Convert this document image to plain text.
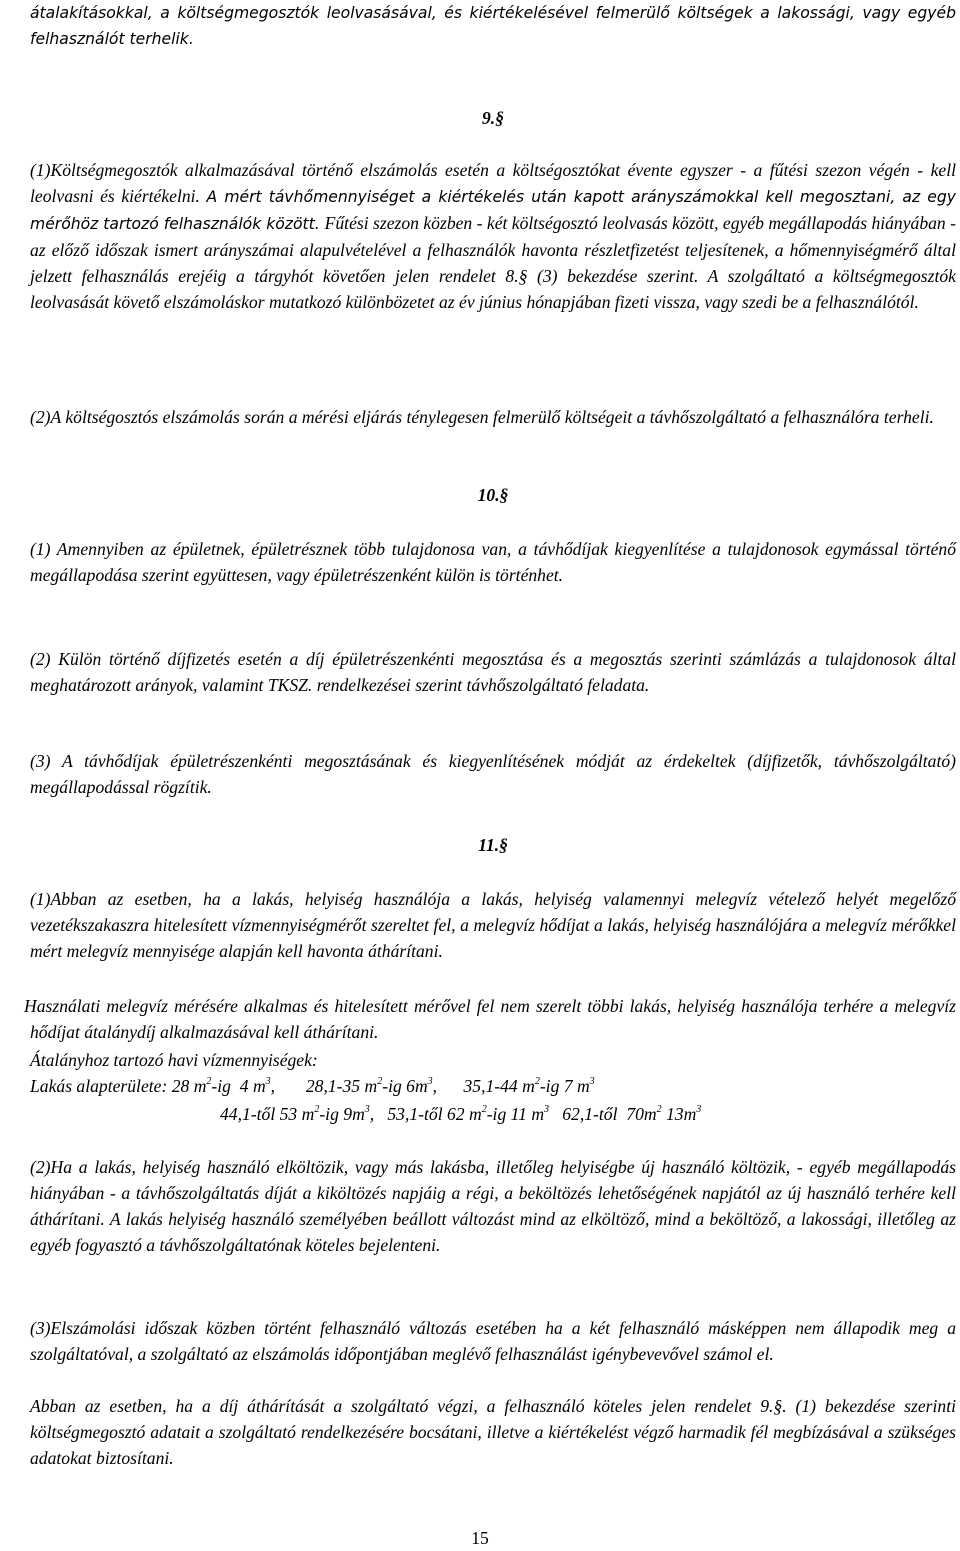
átalakításokkal, a költségmegosztók leolvasásával, és kiértékelésével felmerülő költségek a lakossági, vagy egyéb felhasználót terhelik.

9.§

(1)Költségmegosztók alkalmazásával történő elszámolás esetén a költségosztókat évente egyszer - a fűtési szezon végén - kell leolvasni és kiértékelni. A mért távhőmennyiséget a kiértékelés után kapott arányszámokkal kell megosztani, az egy mérőhöz tartozó felhasználók között. Fűtési szezon közben - két költségosztó leolvasás között, egyéb megállapodás hiányában - az előző időszak ismert arányszámai alapulvételével a felhasználók havonta részletfizetést teljesítenek, a hőmennyiségmérő által jelzett felhasználás erejéig a tárgyhót követően jelen rendelet 8.§ (3) bekezdése szerint. A szolgáltató a költségmegosztók leolvasását követő elszámoláskor mutatkozó különbözetet az év június hónapjában fizeti vissza, vagy szedi be a felhasználótól.

(2)A költségosztós elszámolás során a mérési eljárás ténylegesen felmerülő költségeit a távhőszolgáltató a felhasználóra terheli.

10.§

(1) Amennyiben az épületnek, épületrésznek több tulajdonosa van, a távhődíjak kiegyenlítése a tulajdonosok egymással történő megállapodása szerint együttesen, vagy épületrészenként külön is történhet.

(2) Külön történő díjfizetés esetén a díj épületrészenkénti megosztása és a megosztás szerinti számlázás a tulajdonosok által meghatározott arányok, valamint TKSZ. rendelkezései szerint távhőszolgáltató feladata.

(3) A távhődíjak épületrészenkénti megosztásának és kiegyenlítésének módját az érdekeltek (díjfizetők, távhőszolgáltató) megállapodással rögzítik.

11.§

(1)Abban az esetben, ha a lakás, helyiség használója a lakás, helyiség valamennyi melegvíz vételező helyét megelőző vezetékszakaszra hitelesített vízmennyiségmérőt szereltet fel, a melegvíz hődíjat a lakás, helyiség használójára a melegvíz mérőkkel mért melegvíz mennyisége alapján kell havonta áthárítani.

Használati melegvíz mérésére alkalmas és hitelesített mérővel fel nem szerelt többi lakás, helyiség használója terhére a melegvíz hődíjat átalánydíj alkalmazásával kell áthárítani.

Átalányhoz tartozó havi vízmennyiségek:

Lakás alapterülete: 28 $m^2-ig$  4 $m^3$,       28,1-35 $m^2-ig$ $6m^3$,      35,1-44 $m^2-ig$ 7 $m^3$

44,1-től 53 $m^2-ig$ $9m^3$,   53,1-től 62 $m^2-ig$ 11 $m^3$ 62,1-től  $70m^2$ $13m^3$

(2)Ha a lakás, helyiség használó elköltözik, vagy más lakásba, illetőleg helyiségbe új használó költözik, - egyéb megállapodás hiányában - a távhőszolgáltatás díját a kiköltözés napjáig a régi, a beköltözés lehetőségének napjától az új használó terhére kell áthárítani. A lakás helyiség használó személyében beállott változást mind az elköltöző, mind a beköltöző, a lakossági, illetőleg az egyéb fogyasztó a távhőszolgáltatónak köteles bejelenteni.

(3)Elszámolási időszak közben történt felhasználó változás esetében ha a két felhasználó másképpen nem állapodik meg a szolgáltatóval, a szolgáltató az elszámolás időpontjában meglévő felhasználást igénybevevővel számol el.

Abban az esetben, ha a díj áthárítását a szolgáltató végzi, a felhasználó köteles jelen rendelet 9.§. (1) bekezdése szerinti költségmegosztó adatait a szolgáltató rendelkezésére bocsátani, illetve a kiértékelést végző harmadik fél megbízásával a szükséges adatokat biztosítani.

15
